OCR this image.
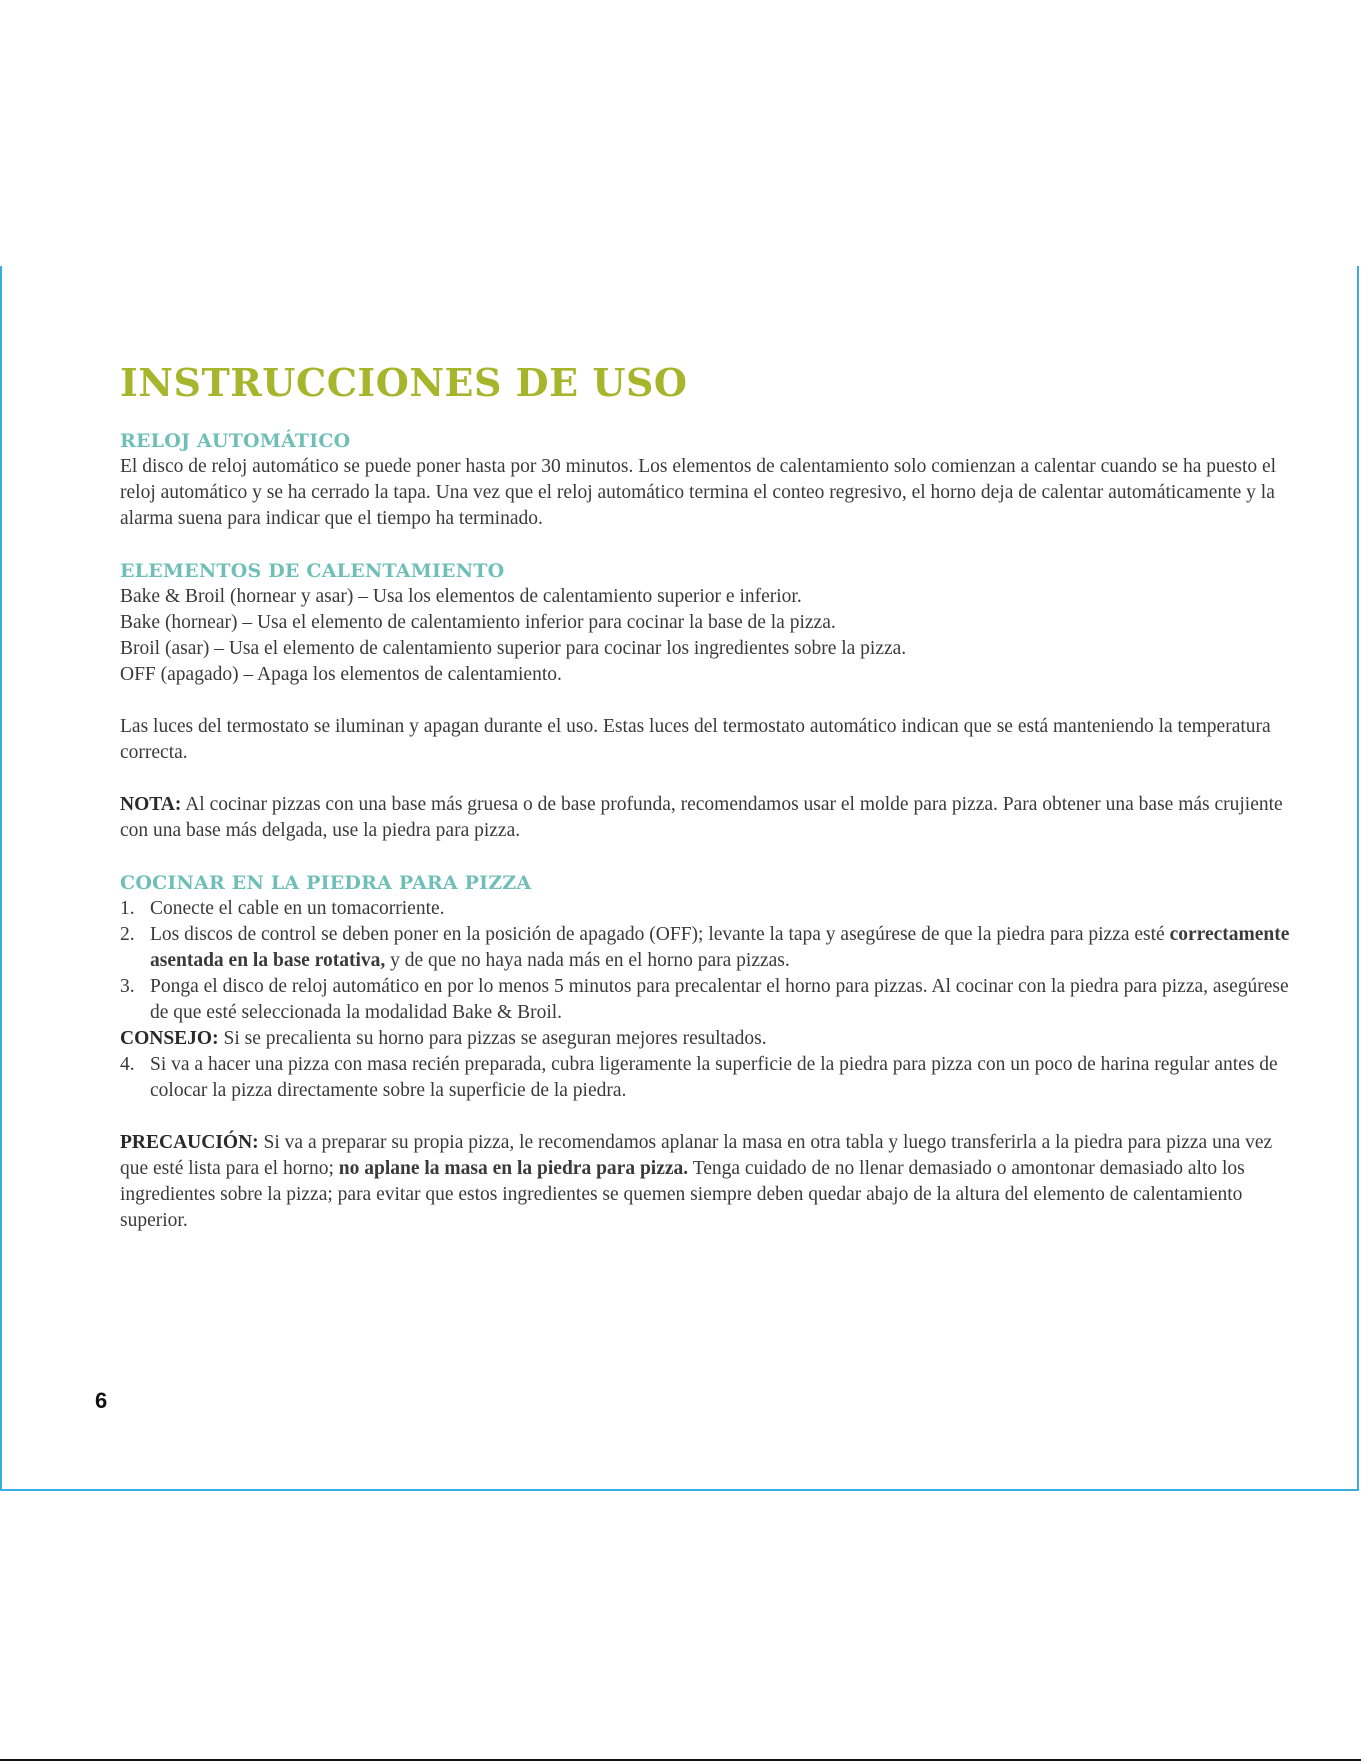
INSTRUCCIONES DE USO
RELOJ AUTOMÁTICO

El disco de reloj automático se puede poner hasta por 30 minutos. Los elementos de calentamiento solo comienzan a calentar cuando se ha puesto el reloj automático y se ha cerrado la tapa. Una vez que el reloj automático termina el conteo regresivo, el horno deja de calentar automáticamente y la alarma suena para indicar que el tiempo ha terminado.

ELEMENTOS DE CALENTAMIENTO

Bake & Broil (hornear y asar) – Usa los elementos de calentamiento superior e inferior.

Bake (hornear) – Usa el elemento de calentamiento inferior para cocinar la base de la pizza.

Broil (asar) – Usa el elemento de calentamiento superior para cocinar los ingredientes sobre la pizza.

OFF (apagado) – Apaga los elementos de calentamiento.

Las luces del termostato se iluminan y apagan durante el uso. Estas luces del termostato automático indican que se está manteniendo la temperatura correcta.

NOTA: Al cocinar pizzas con una base más gruesa o de base profunda, recomendamos usar el molde para pizza. Para obtener una base más crujiente con una base más delgada, use la piedra para pizza.

COCINAR EN LA PIEDRA PARA PIZZA
1. Conecte el cable en un tomacorriente.
2. Los discos de control se deben poner en la posición de apagado (OFF); levante la tapa y asegúrese de que la piedra para pizza esté correctamente asentada en la base rotativa, y de que no haya nada más en el horno para pizzas.
3. Ponga el disco de reloj automático en por lo menos 5 minutos para precalentar el horno para pizzas. Al cocinar con la piedra para pizza, asegúrese de que esté seleccionada la modalidad Bake & Broil.

CONSEJO: Si se precalienta su horno para pizzas se aseguran mejores resultados.

4. Si va a hacer una pizza con masa recién preparada, cubra ligeramente la superficie de la piedra para pizza con un poco de harina regular antes de colocar la pizza directamente sobre la superficie de la piedra.

PRECAUCIÓN: Si va a preparar su propia pizza, le recomendamos aplanar la masa en otra tabla y luego transferirla a la piedra para pizza una vez que esté lista para el horno; no aplane la masa en la piedra para pizza. Tenga cuidado de no llenar demasiado o amontonar demasiado alto los ingredientes sobre la pizza; para evitar que estos ingredientes se quemen siempre deben quedar abajo de la altura del elemento de calentamiento superior.

6
